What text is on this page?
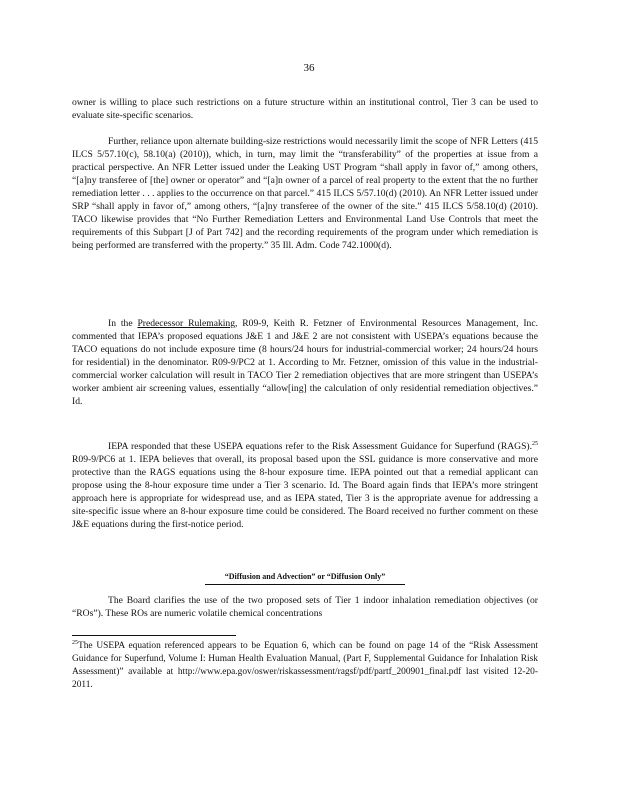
36

owner is willing to place such restrictions on a future structure within an institutional control, Tier 3 can be used to evaluate site-specific scenarios.

Further, reliance upon alternate building-size restrictions would necessarily limit the scope of NFR Letters (415 ILCS 5/57.10(c), 58.10(a) (2010)), which, in turn, may limit the “transferability” of the properties at issue from a practical perspective. An NFR Letter issued under the Leaking UST Program “shall apply in favor of,” among others, “[a]ny transferee of [the] owner or operator” and “[a]n owner of a parcel of real property to the extent that the no further remediation letter . . . applies to the occurrence on that parcel.” 415 ILCS 5/57.10(d) (2010). An NFR Letter issued under SRP “shall apply in favor of,” among others, “[a]ny transferee of the owner of the site.” 415 ILCS 5/58.10(d) (2010). TACO likewise provides that “No Further Remediation Letters and Environmental Land Use Controls that meet the requirements of this Subpart [J of Part 742] and the recording requirements of the program under which remediation is being performed are transferred with the property.” 35 Ill. Adm. Code 742.1000(d).

In the Predecessor Rulemaking, R09-9, Keith R. Fetzner of Environmental Resources Management, Inc. commented that IEPA’s proposed equations J&E 1 and J&E 2 are not consistent with USEPA’s equations because the TACO equations do not include exposure time (8 hours/24 hours for industrial-commercial worker; 24 hours/24 hours for residential) in the denominator. R09-9/PC2 at 1. According to Mr. Fetzner, omission of this value in the industrial-commercial worker calculation will result in TACO Tier 2 remediation objectives that are more stringent than USEPA’s worker ambient air screening values, essentially “allow[ing] the calculation of only residential remediation objectives.” Id.

IEPA responded that these USEPA equations refer to the Risk Assessment Guidance for Superfund (RAGS).$^{25}$ R09-9/PC6 at 1. IEPA believes that overall, its proposal based upon the SSL guidance is more conservative and more protective than the RAGS equations using the 8-hour exposure time. IEPA pointed out that a remedial applicant can propose using the 8-hour exposure time under a Tier 3 scenario. Id. The Board again finds that IEPA’s more stringent approach here is appropriate for widespread use, and as IEPA stated, Tier 3 is the appropriate avenue for addressing a site-specific issue where an 8-hour exposure time could be considered. The Board received no further comment on these J&E equations during the first-notice period.

“Diffusion and Advection” or “Diffusion Only”

The Board clarifies the use of the two proposed sets of Tier 1 indoor inhalation remediation objectives (or “ROs”). These ROs are numeric volatile chemical concentrations

$^{25}$The USEPA equation referenced appears to be Equation 6, which can be found on page 14 of the “Risk Assessment Guidance for Superfund, Volume I: Human Health Evaluation Manual, (Part F, Supplemental Guidance for Inhalation Risk Assessment)” available at http://www.epa.gov/oswer/riskassessment/ragsf/pdf/partf_200901_final.pdf last visited 12-20-2011.
